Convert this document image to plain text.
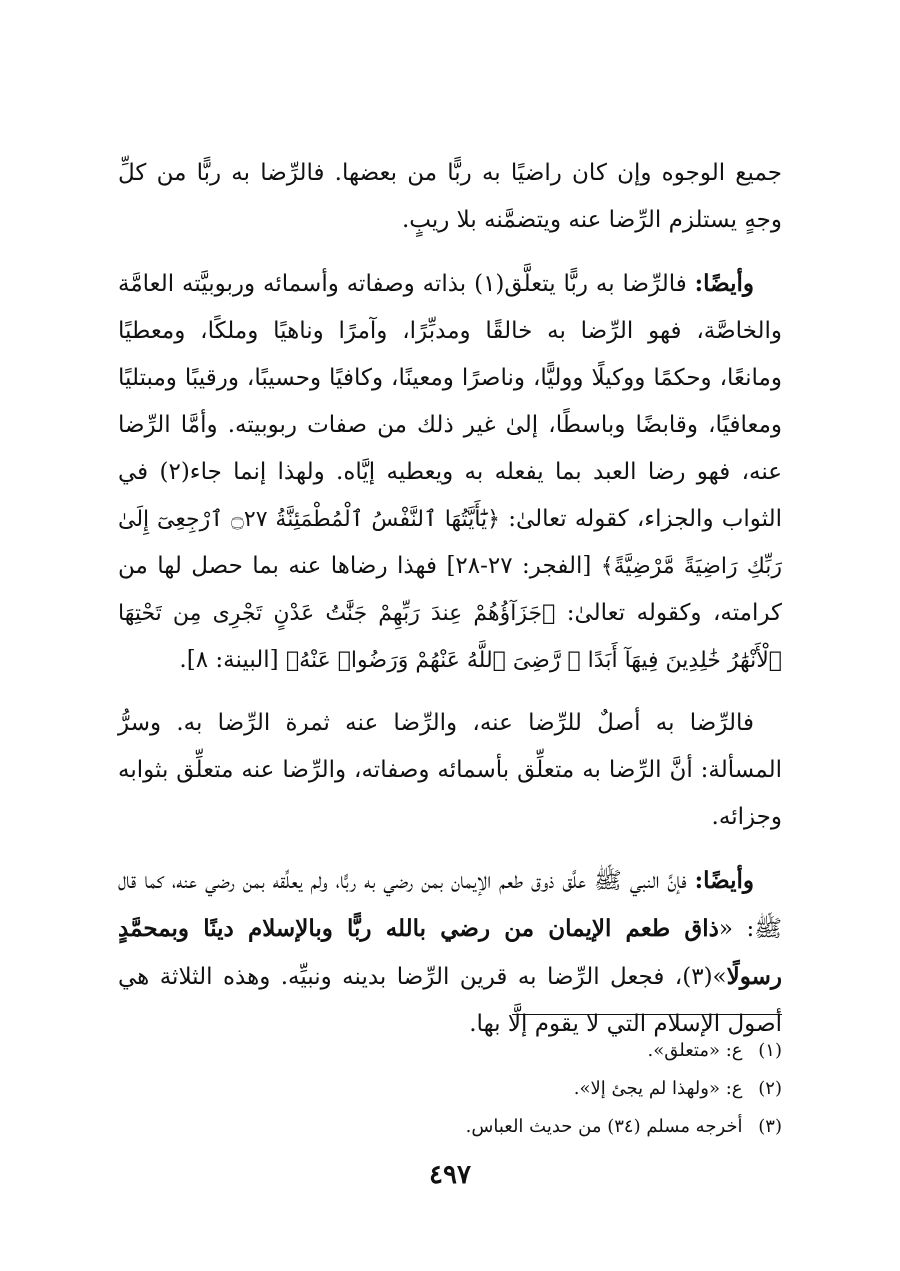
جميع الوجوه وإن كان راضيًا به ربًّا من بعضها. فالرِّضا به ربًّا من كلِّ وجهٍ يستلزم الرِّضا عنه ويتضمَّنه بلا ريبٍ.

وأيضًا: فالرِّضا به ربًّا يتعلَّق(١) بذاته وصفاته وأسمائه وربوبيَّته العامَّة والخاصَّة، فهو الرِّضا به خالقًا ومدبِّرًا، وآمرًا وناهيًا وملكًا، ومعطيًا ومانعًا، وحكمًا ووكيلًا ووليًّا، وناصرًا ومعينًا، وكافيًا وحسيبًا، ورقيبًا ومبتليًا ومعافيًا، وقابضًا وباسطًا، إلىٰ غير ذلك من صفات ربوبيته. وأمَّا الرِّضا عنه، فهو رضا العبد بما يفعله به ويعطيه إيَّاه. ولهذا إنما جاء(٢) في الثواب والجزاء، كقوله تعالىٰ: ﴿يَٰٓأَيَّتُهَا ٱلنَّفْسُ ٱلْمُطْمَئِنَّةُ ۝٢٧ ٱرْجِعِىٓ إِلَىٰ رَبِّكِ رَاضِيَةً مَّرْضِيَّةً﴾ [الفجر: ٢٧-٢٨] فهذا رضاها عنه بما حصل لها من كرامته، وكقوله تعالىٰ: ﴿جَزَآؤُهُمْ عِندَ رَبِّهِمْ جَنَّٰتُ عَدْنٍ تَجْرِى مِن تَحْتِهَا ٱلْأَنْهَٰرُ خَٰلِدِينَ فِيهَآ أَبَدًا ۖ رَّضِىَ ٱللَّهُ عَنْهُمْ وَرَضُوا۟ عَنْهُ﴾ [البينة: ٨].

فالرِّضا به أصلٌ للرِّضا عنه، والرِّضا عنه ثمرة الرِّضا به. وسرُّ المسألة: أنَّ الرِّضا به متعلِّق بأسمائه وصفاته، والرِّضا عنه متعلِّق بثوابه وجزائه.

وأيضًا: فإنَّ النبي ﷺ علَّق ذوق طعم الإيمان بمن رضي به ربًّا، ولم يعلِّقه بمن رضي عنه، كما قال ﷺ: «ذاق طعم الإيمان من رضي بالله ربًّا وبالإسلام دينًا وبمحمَّدٍ رسولًا»(٣)، فجعل الرِّضا به قرين الرِّضا بدينه ونبيِّه. وهذه الثلاثة هي أصول الإسلام التي لا يقوم إلَّا بها.

(١) ع: «متعلق».
(٢) ع: «ولهذا لم يجئ إلا».
(٣) أخرجه مسلم (٣٤) من حديث العباس.
٤٩٧
